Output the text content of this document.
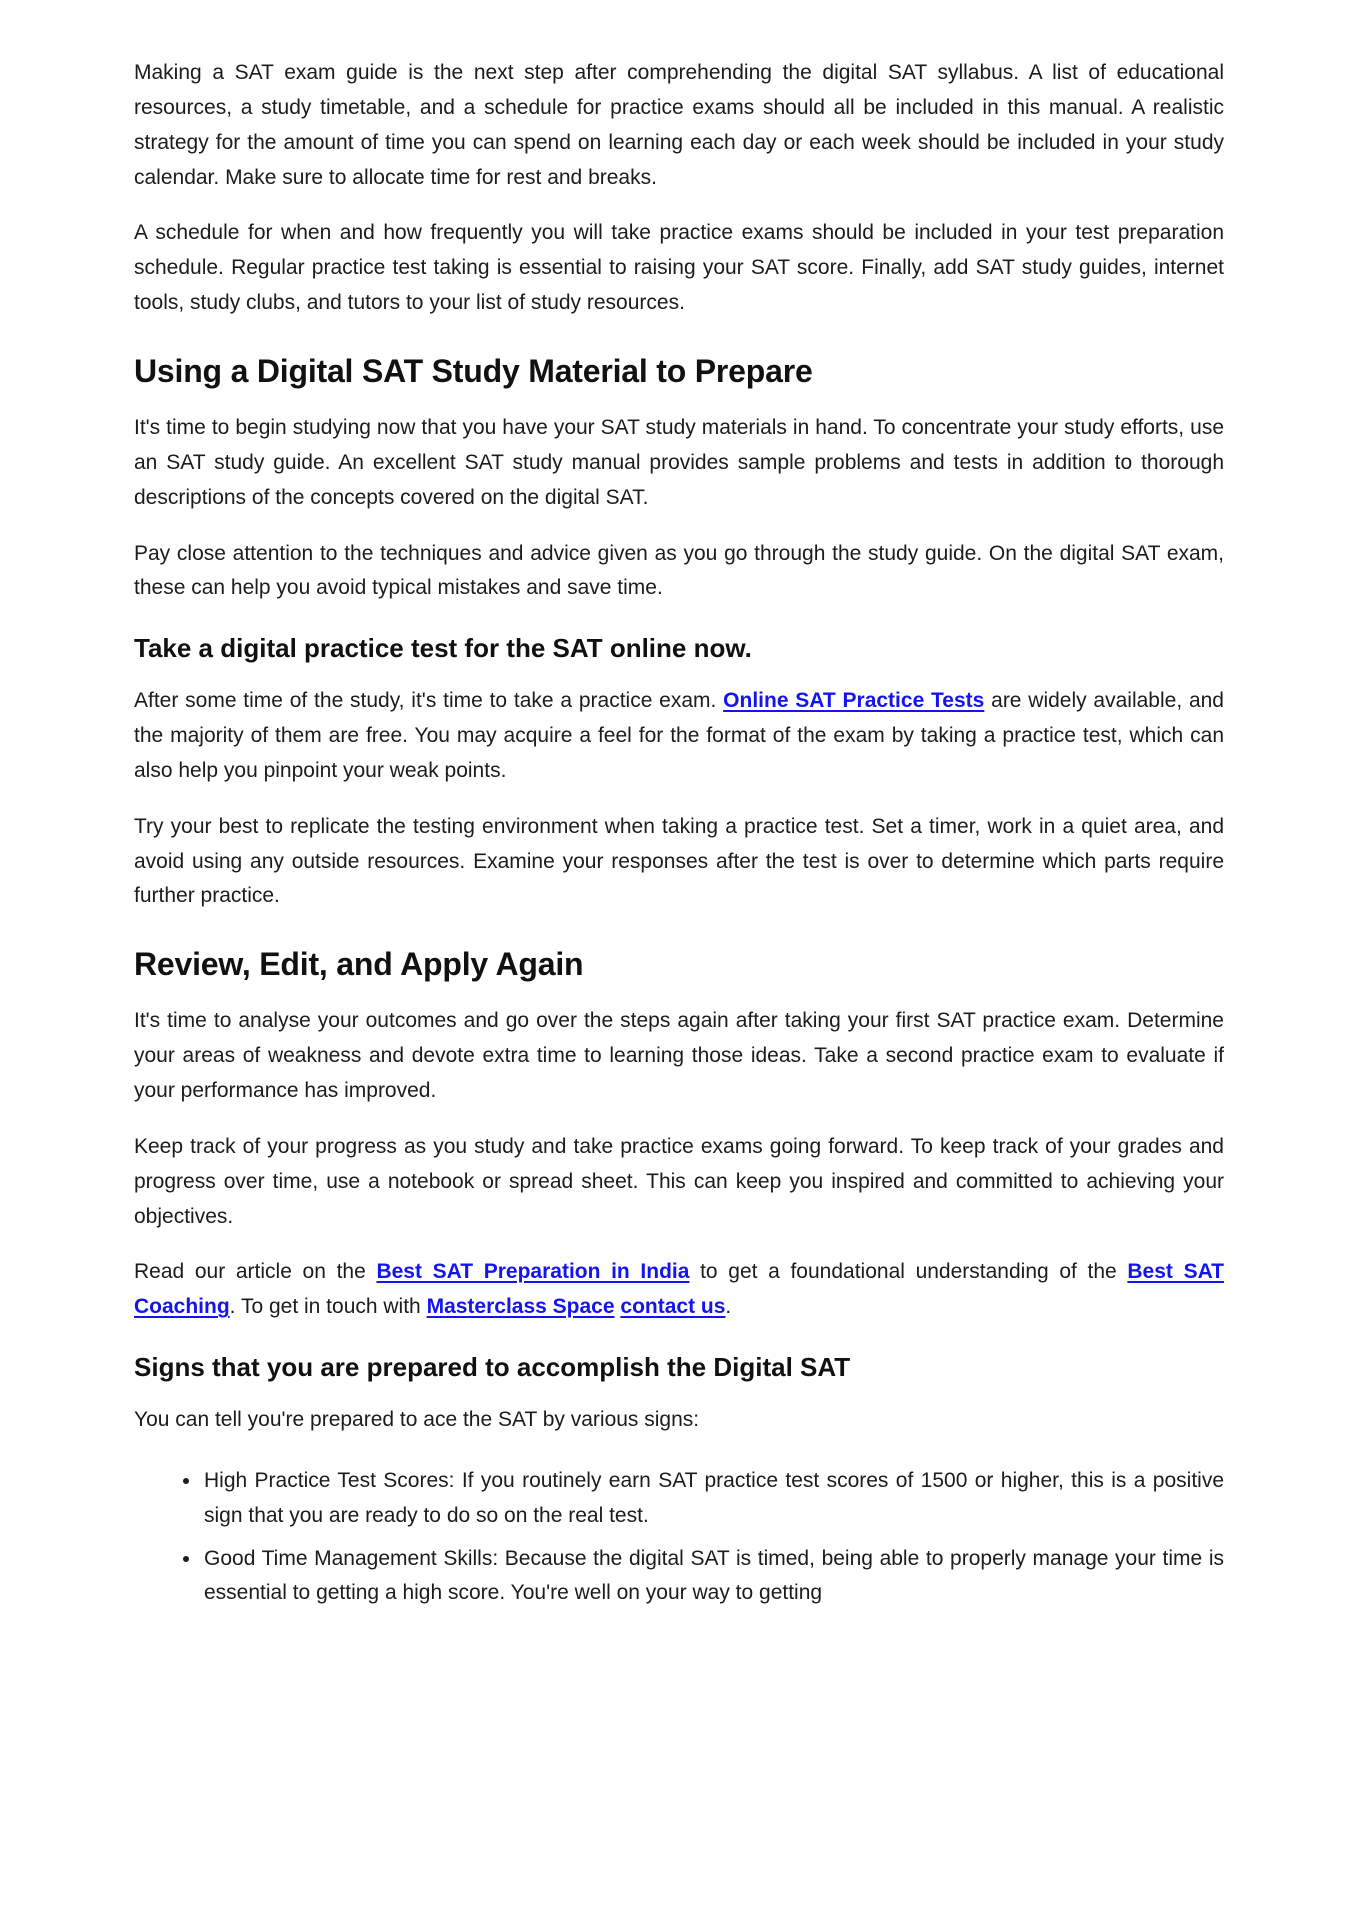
Making a SAT exam guide is the next step after comprehending the digital SAT syllabus. A list of educational resources, a study timetable, and a schedule for practice exams should all be included in this manual. A realistic strategy for the amount of time you can spend on learning each day or each week should be included in your study calendar. Make sure to allocate time for rest and breaks.

A schedule for when and how frequently you will take practice exams should be included in your test preparation schedule. Regular practice test taking is essential to raising your SAT score. Finally, add SAT study guides, internet tools, study clubs, and tutors to your list of study resources.

Using a Digital SAT Study Material to Prepare

It's time to begin studying now that you have your SAT study materials in hand. To concentrate your study efforts, use an SAT study guide. An excellent SAT study manual provides sample problems and tests in addition to thorough descriptions of the concepts covered on the digital SAT.

Pay close attention to the techniques and advice given as you go through the study guide. On the digital SAT exam, these can help you avoid typical mistakes and save time.

Take a digital practice test for the SAT online now.

After some time of the study, it's time to take a practice exam. Online SAT Practice Tests are widely available, and the majority of them are free. You may acquire a feel for the format of the exam by taking a practice test, which can also help you pinpoint your weak points.

Try your best to replicate the testing environment when taking a practice test. Set a timer, work in a quiet area, and avoid using any outside resources. Examine your responses after the test is over to determine which parts require further practice.

Review, Edit, and Apply Again

It's time to analyse your outcomes and go over the steps again after taking your first SAT practice exam. Determine your areas of weakness and devote extra time to learning those ideas. Take a second practice exam to evaluate if your performance has improved.

Keep track of your progress as you study and take practice exams going forward. To keep track of your grades and progress over time, use a notebook or spread sheet. This can keep you inspired and committed to achieving your objectives.

Read our article on the Best SAT Preparation in India to get a foundational understanding of the Best SAT Coaching. To get in touch with Masterclass Space contact us.

Signs that you are prepared to accomplish the Digital SAT

You can tell you're prepared to ace the SAT by various signs:

• High Practice Test Scores: If you routinely earn SAT practice test scores of 1500 or higher, this is a positive sign that you are ready to do so on the real test.
• Good Time Management Skills: Because the digital SAT is timed, being able to properly manage your time is essential to getting a high score. You're well on your way to getting
